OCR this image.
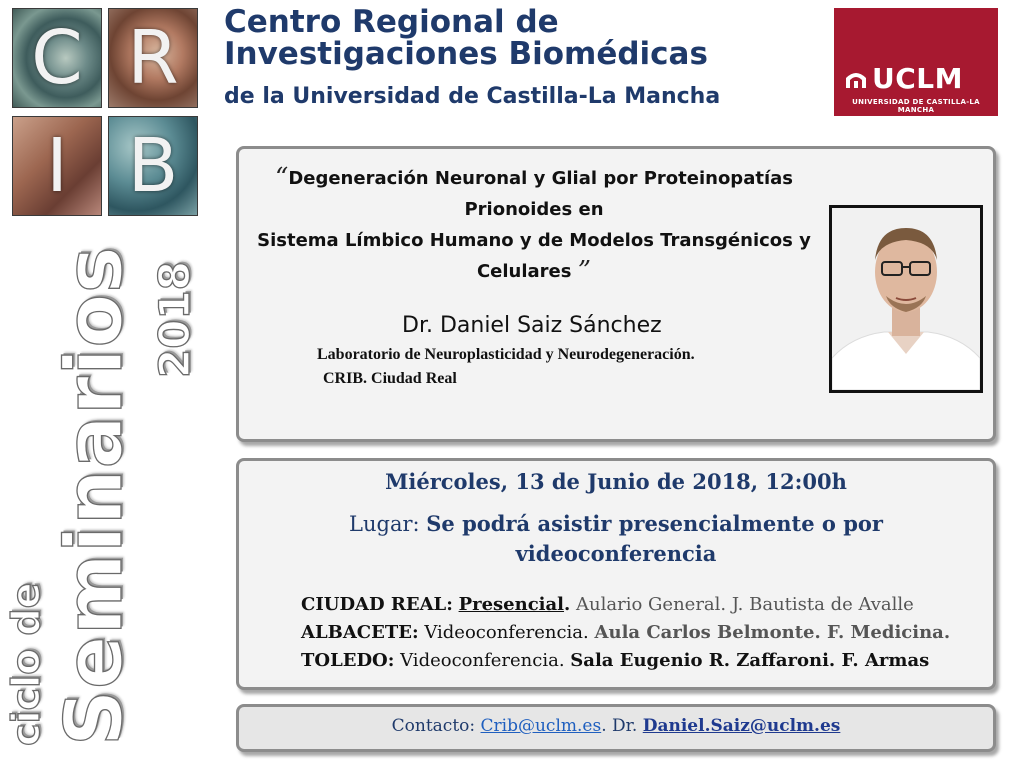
C R
I B
ciclo de Seminarios 2018
Centro Regional de
Investigaciones Biomédicas
de la Universidad de Castilla-La Mancha
UCLM
UNIVERSIDAD DE CASTILLA-LA MANCHA
“Degeneración Neuronal y Glial por Proteinopatías
Prionoides en
Sistema Límbico Humano y de Modelos Transgénicos y
Celulares ”
Dr. Daniel Saiz Sánchez
Laboratorio de Neuroplasticidad y Neurodegeneración.
CRIB. Ciudad Real
Miércoles, 13 de Junio de 2018, 12:00h
Lugar: Se podrá asistir presencialmente o por videoconferencia
CIUDAD REAL: Presencial. Aulario General. J. Bautista de Avalle
ALBACETE: Videoconferencia. Aula Carlos Belmonte. F. Medicina.
TOLEDO: Videoconferencia. Sala Eugenio R. Zaffaroni. F. Armas
Contacto: Crib@uclm.es. Dr. Daniel.Saiz@uclm.es
